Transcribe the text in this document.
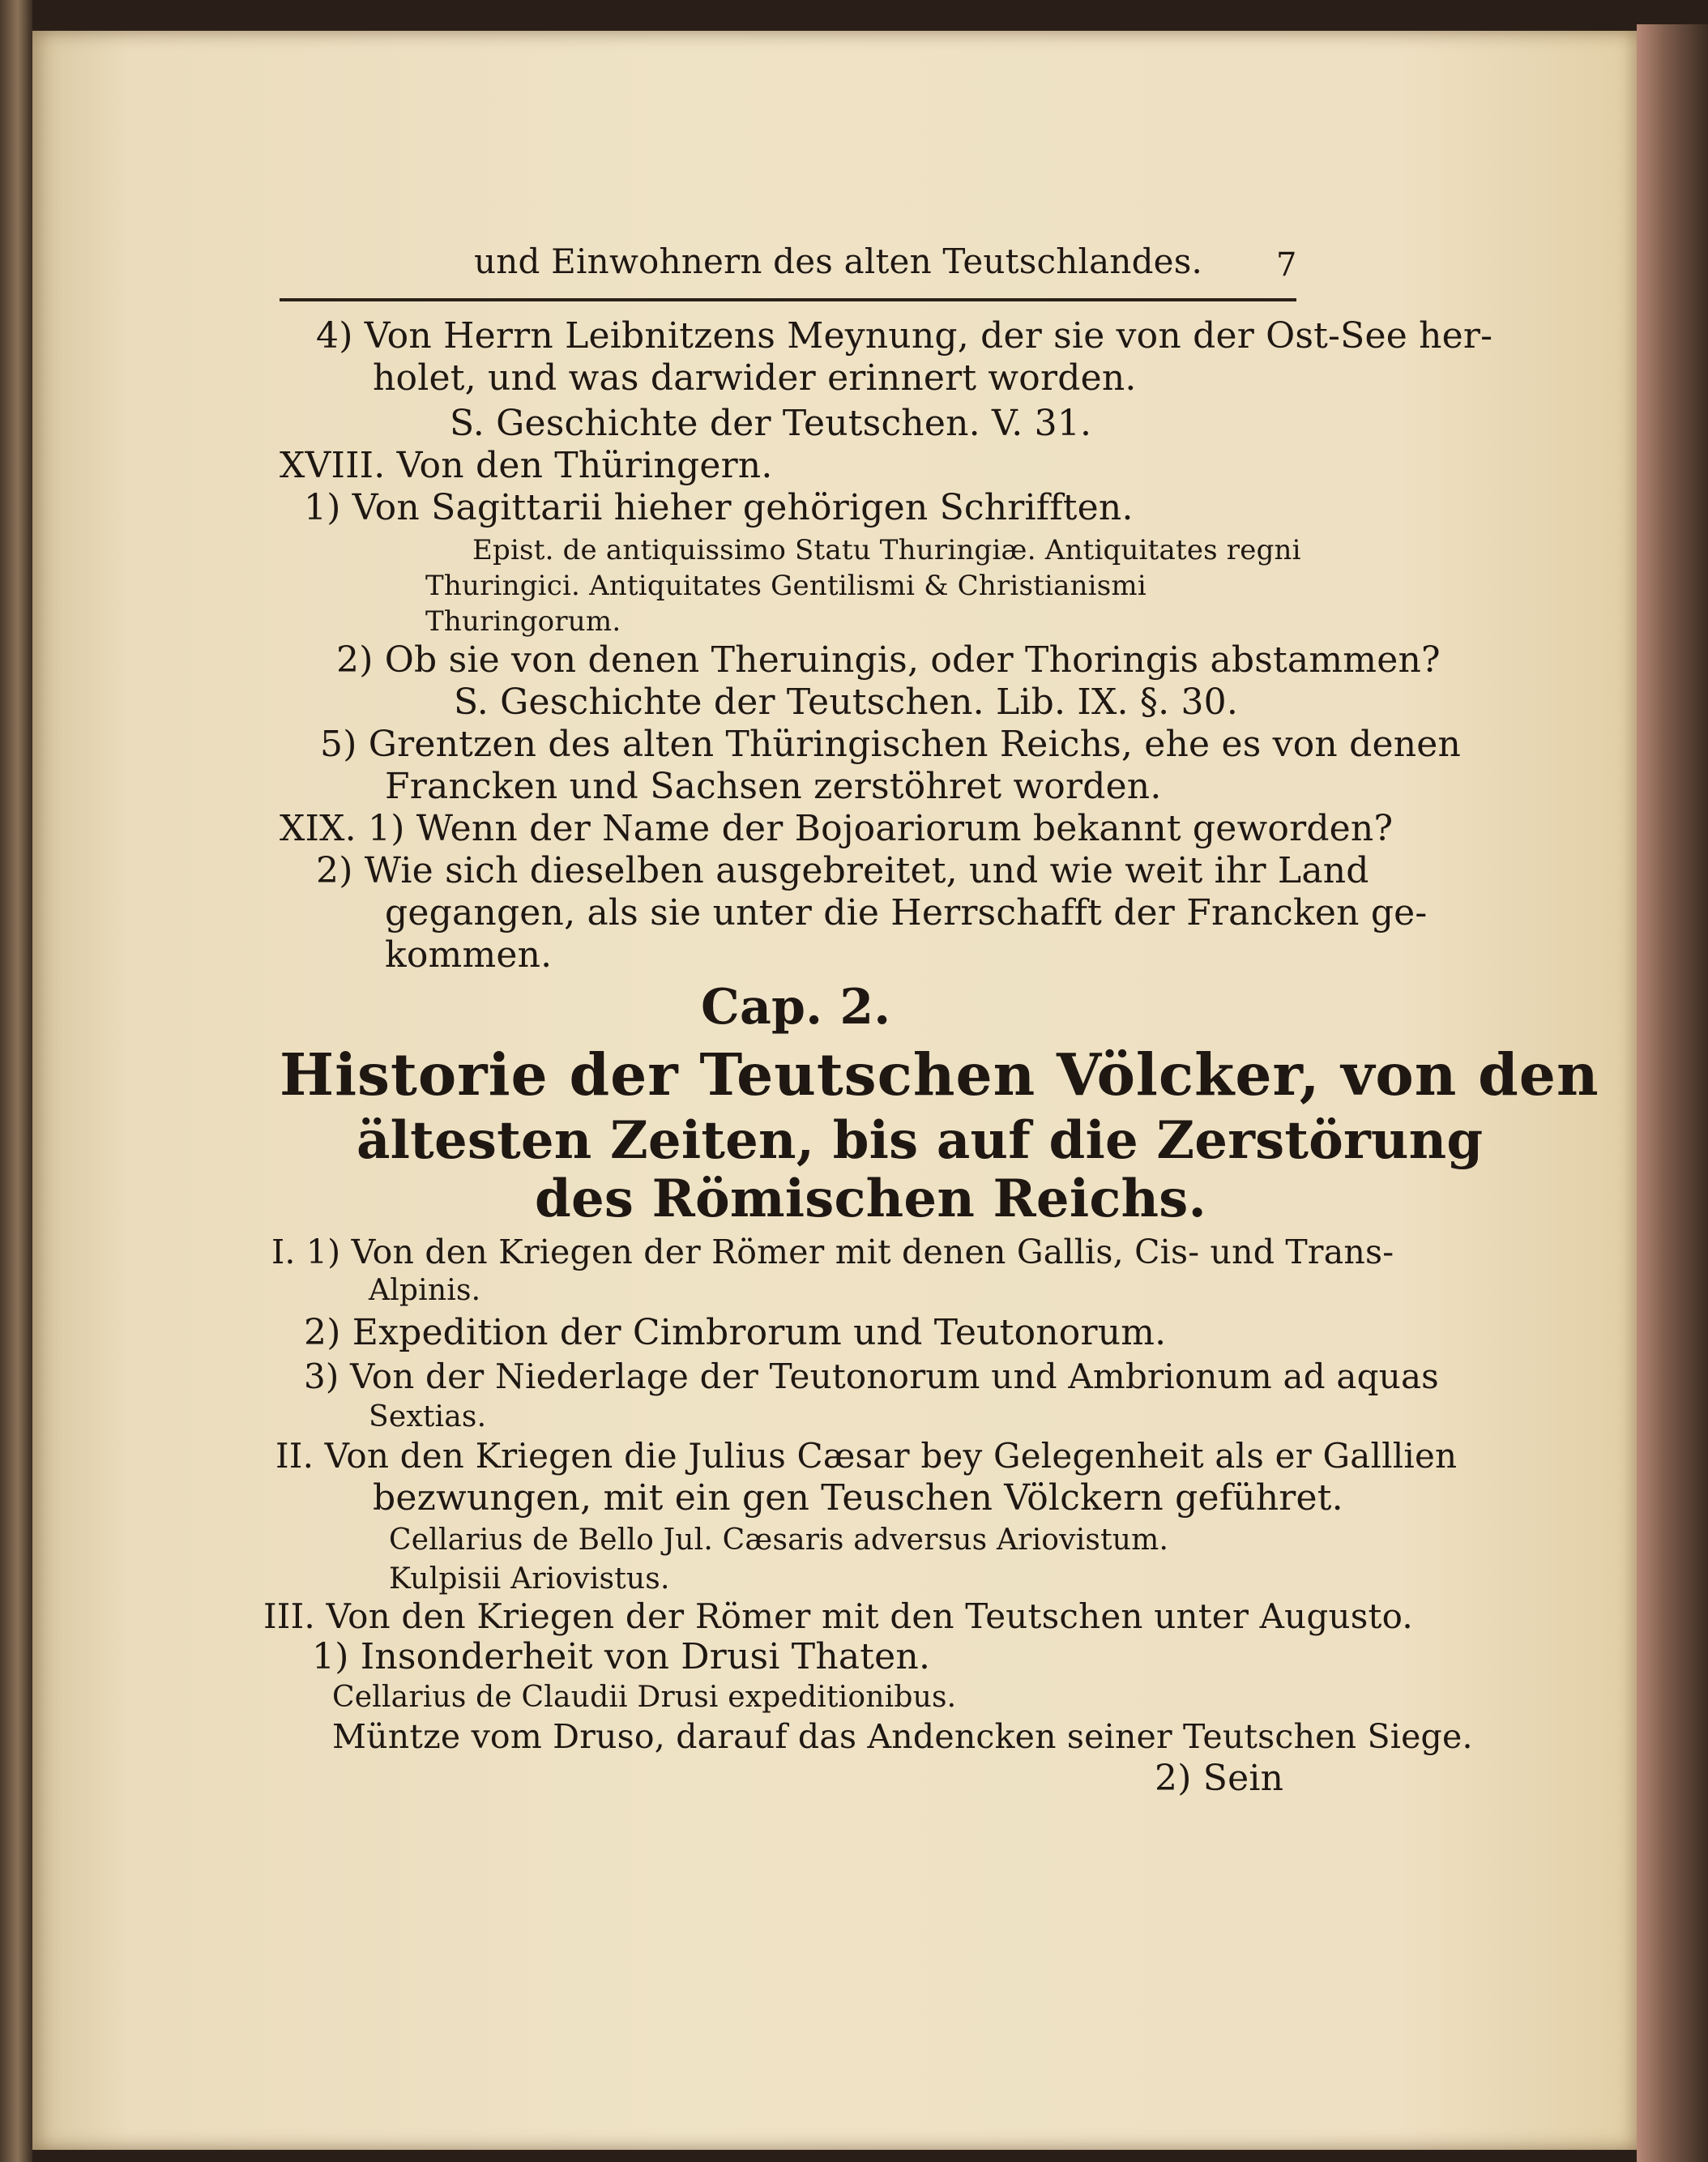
und Einwohnern des alten Teutschlandes. 7
4) Von Herrn Leibnitzens Meynung, der sie von der Ost-See her-
holet, und was darwider erinnert worden.
S. Geschichte der Teutschen. V. 31.
XVIII. Von den Thüringern.
1) Von Sagittarii hieher gehörigen Schrifften.
Epist. de antiquissimo Statu Thuringiæ. Antiquitates regni
Thuringici. Antiquitates Gentilismi & Christianismi
Thuringorum.
2) Ob sie von denen Theruingis, oder Thoringis abstammen?
S. Geschichte der Teutschen. Lib. IX. §. 30.
5) Grentzen des alten Thüringischen Reichs, ehe es von denen
Francken und Sachsen zerstöhret worden.
XIX. 1) Wenn der Name der Bojoariorum bekannt geworden?
2) Wie sich dieselben ausgebreitet, und wie weit ihr Land
gegangen, als sie unter die Herrschafft der Francken ge-
kommen.
Cap. 2.
Historie der Teutschen Völcker, von den
ältesten Zeiten, bis auf die Zerstörung
des Römischen Reichs.
I. 1) Von den Kriegen der Römer mit denen Gallis, Cis- und Trans-
Alpinis.
2) Expedition der Cimbrorum und Teutonorum.
3) Von der Niederlage der Teutonorum und Ambrionum ad aquas
Sextias.
II. Von den Kriegen die Julius Cæsar bey Gelegenheit als er Galllien
bezwungen, mit ein gen Teuschen Völckern geführet.
Cellarius de Bello Jul. Cæsaris adversus Ariovistum.
Kulpisii Ariovistus.
III. Von den Kriegen der Römer mit den Teutschen unter Augusto.
1) Insonderheit von Drusi Thaten.
Cellarius de Claudii Drusi expeditionibus.
Müntze vom Druso, darauf das Andencken seiner Teutschen Siege.
2) Sein
